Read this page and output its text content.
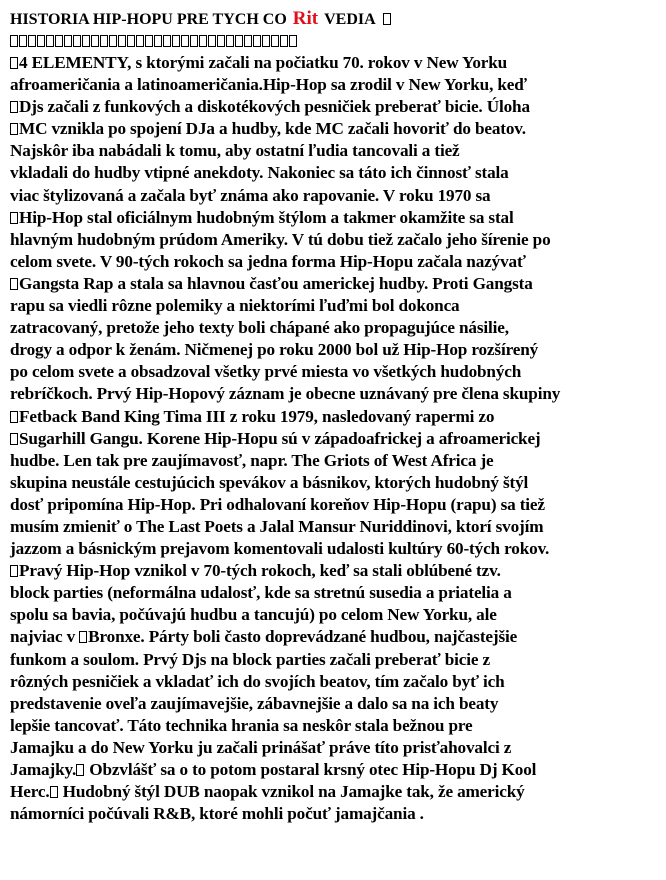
HISTORIA HIP-HOPU PRE TYCH CO Rit VEDIA
4 ELEMENTY, s ktorými začali na počiatku 70. rokov v New Yorku
afroameričania a latinoameričania.Hip-Hop sa zrodil v New Yorku, keď
Djs začali z funkových a diskotékových pesničiek preberať bicie. Úloha
MC vznikla po spojení DJa a hudby, kde MC začali hovoriť do beatov.
Najskôr iba nabádali k tomu, aby ostatní ľudia tancovali a tiež
vkladali do hudby vtipné anekdoty. Nakoniec sa táto ich činnosť stala
viac štylizovaná a začala byť známa ako rapovanie. V roku 1970 sa
Hip-Hop stal oficiálnym hudobným štýlom a takmer okamžite sa stal
hlavným hudobným prúdom Ameriky. V tú dobu tiež začalo jeho šírenie po
celom svete. V 90-tých rokoch sa jedna forma Hip-Hopu začala nazývať
Gangsta Rap a stala sa hlavnou časťou americkej hudby. Proti Gangsta
rapu sa viedli rôzne polemiky a niektorími ľuďmi bol dokonca
zatracovaný, pretože jeho texty boli chápané ako propagujúce násilie,
drogy a odpor k ženám. Ničmenej po roku 2000 bol už Hip-Hop rozšírený
po celom svete a obsadzoval všetky prvé miesta vo všetkých hudobných
rebríčkoch. Prvý Hip-Hopový záznam je obecne uznávaný pre člena skupiny
Fetback Band King Tima III z roku 1979, nasledovaný rapermi zo
Sugarhill Gangu. Korene Hip-Hopu sú v západoafrickej a afroamerickej
hudbe. Len tak pre zaujímavosť, napr. The Griots of West Africa je
skupina neustále cestujúcich spevákov a básnikov, ktorých hudobný štýl
dosť pripomína Hip-Hop. Pri odhalovaní koreňov Hip-Hopu (rapu) sa tiež
musím zmieniť o The Last Poets a Jalal Mansur Nuriddinovi, ktorí svojím
jazzom a básnickým prejavom komentovali udalosti kultúry 60-tých rokov.
Pravý Hip-Hop vznikol v 70-tých rokoch, keď sa stali oblúbené tzv.
block parties (neformálna udalosť, kde sa stretnú susedia a priatelia a
spolu sa bavia, počúvajú hudbu a tancujú) po celom New Yorku, ale
najviac v Bronxe. Párty boli často doprevádzané hudbou, najčastejšie
funkom a soulom. Prvý Djs na block parties začali preberať bicie z
rôzných pesničiek a vkladať ich do svojích beatov, tím začalo byť ich
predstavenie oveľa zaujímavejšie, zábavnejšie a dalo sa na ich beaty
lepšie tancovať. Táto technika hrania sa neskôr stala bežnou pre
Jamajku a do New Yorku ju začali prinášať práve títo prisťahovalci z
Jamajky. Obzvlášť sa o to potom postaral krsný otec Hip-Hopu Dj Kool
Herc. Hudobný štýl DUB naopak vznikol na Jamajke tak, že americký
námorníci počúvali R&B, ktoré mohli počuť jamajčania .
